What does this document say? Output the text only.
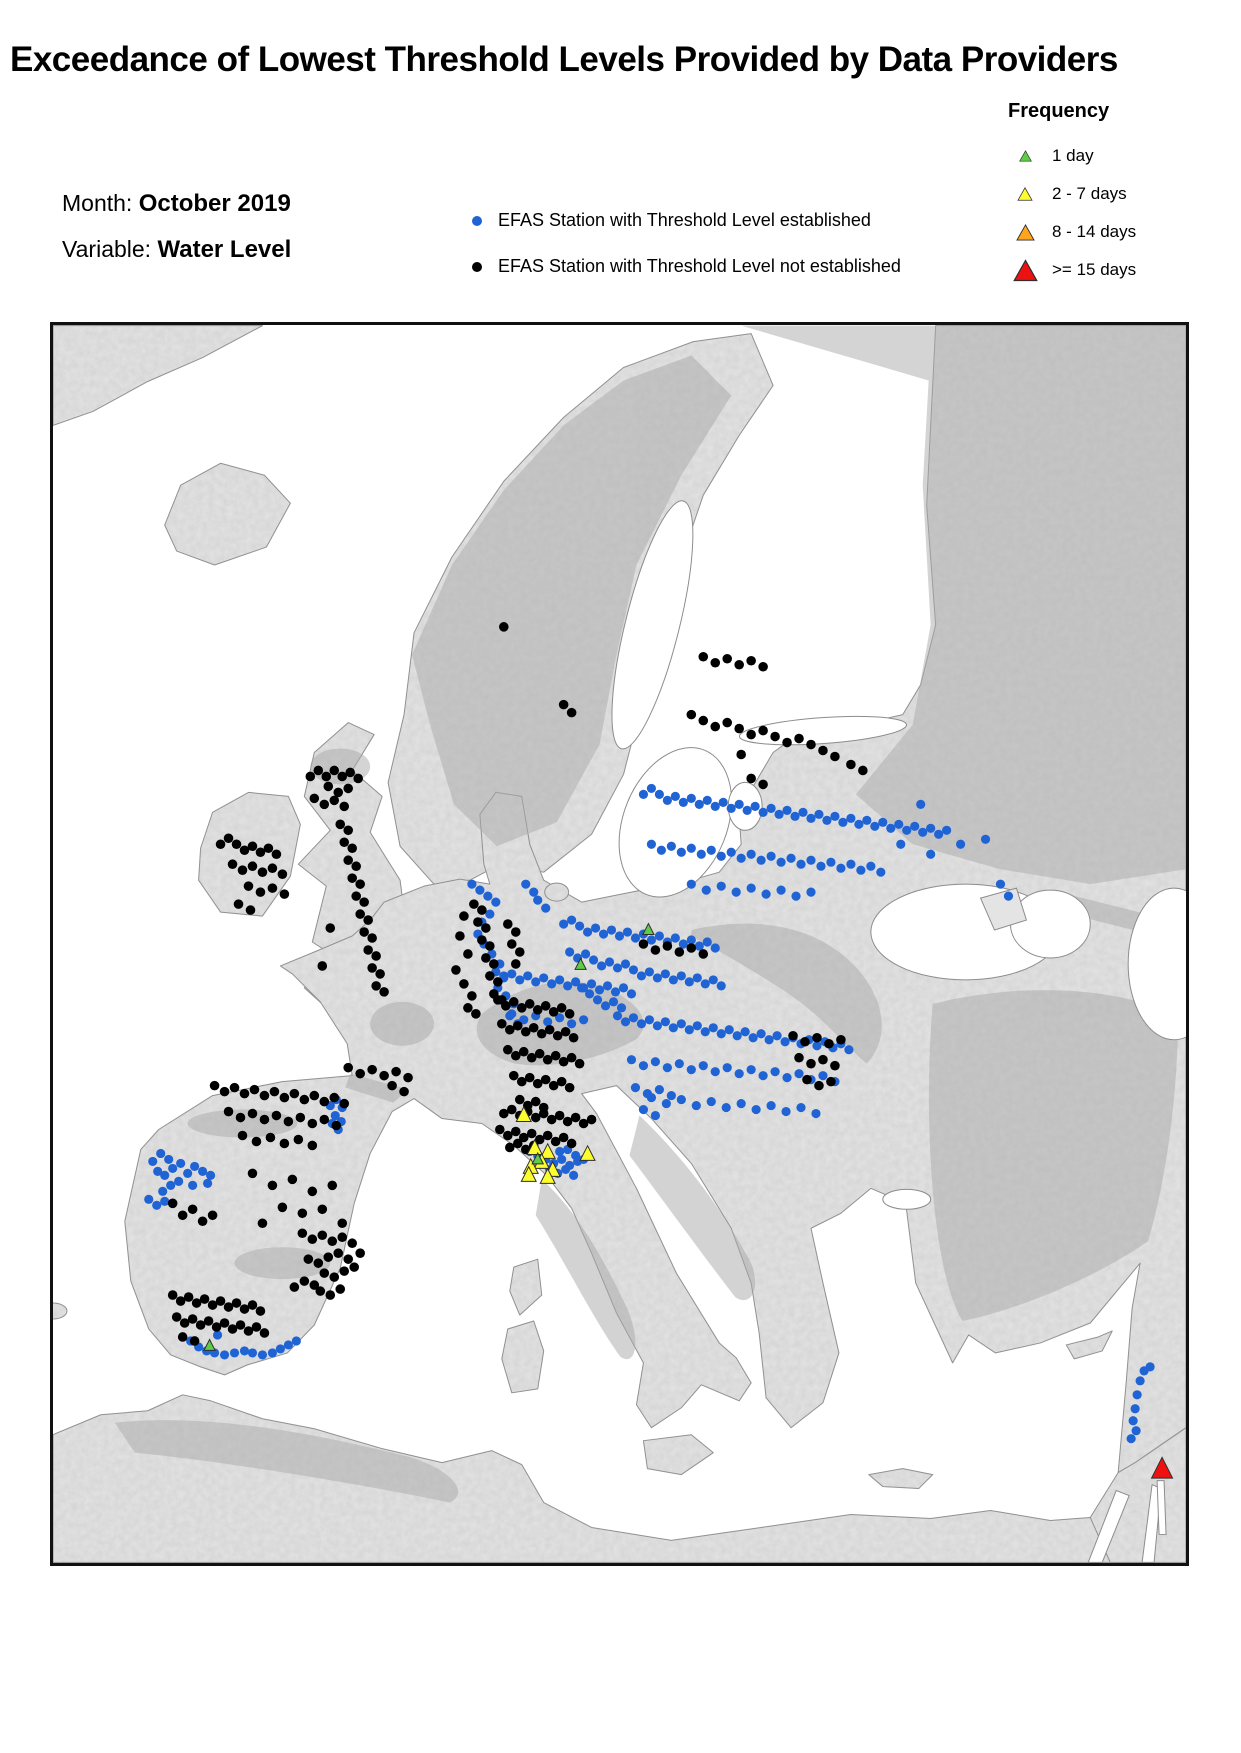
Exceedance of Lowest Threshold Levels Provided by Data Providers
Month: October 2019
Variable: Water Level
EFAS Station with Threshold Level established
EFAS Station with Threshold Level not established
Frequency
1 day
2 - 7 days
8 - 14 days
>= 15 days
